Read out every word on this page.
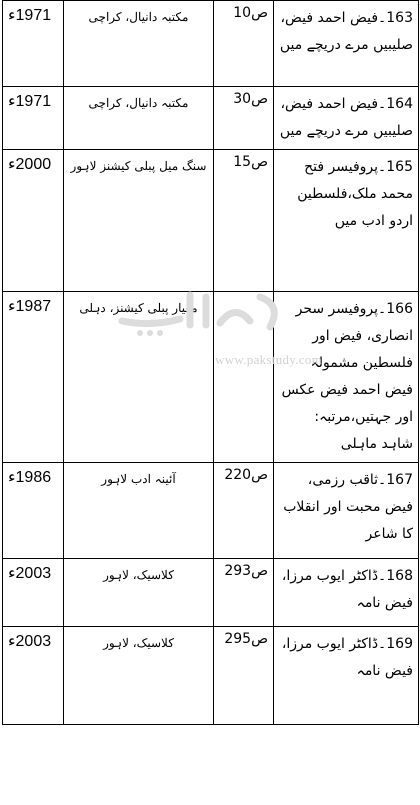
1971ء	مکتبہ دانیال، کراچی	ص10	163۔فیض احمد فیض، صلیبیں مرے دریچے میں
1971ء	مکتبہ دانیال، کراچی	ص30	164۔فیض احمد فیض، صلیبیں مرے دریچے میں
2000ء	سنگ میل پبلی کیشنز لاہور	ص15	165۔پروفیسر فتح محمد ملک،فلسطین اردو ادب میں
1987ء	معیار پبلی کیشنز، دہلی		166۔پروفیسر سحر انصاری، فیض اور فلسطین مشمولہ فیض احمد فیض عکس اور جہتیں،مرتبہ: شاہد ماہلی
1986ء	آئینہ ادب لاہور	ص220	167۔ثاقب رزمی، فیض محبت اور انقلاب کا شاعر
2003ء	کلاسیک، لاہور	ص293	168۔ڈاکٹر ایوب مرزا، فیض نامہ
2003ء	کلاسیک، لاہور	ص295	169۔ڈاکٹر ایوب مرزا، فیض نامہ
www.pakstudy.com
